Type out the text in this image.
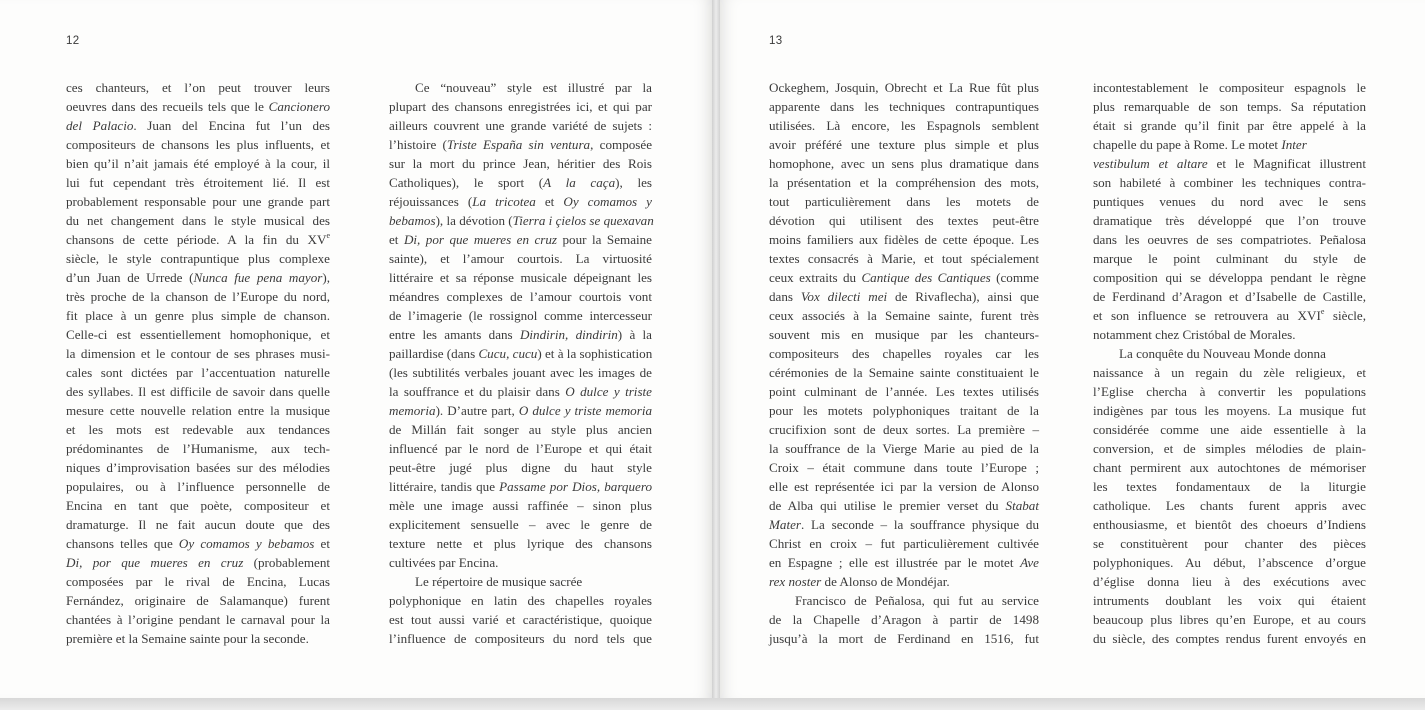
12

ces chanteurs, et l’on peut trouver leurs
oeuvres dans des recueils tels que le Cancionero
del Palacio. Juan del Encina fut l’un des
compositeurs de chansons les plus influents, et
bien qu’il n’ait jamais été employé à la cour, il
lui fut cependant très étroitement lié. Il est
probablement responsable pour une grande part
du net changement dans le style musical des
chansons de cette période. A la fin du XVe
siècle, le style contrapuntique plus complexe
d’un Juan de Urrede (Nunca fue pena mayor),
très proche de la chanson de l’Europe du nord,
fit place à un genre plus simple de chanson.
Celle-ci est essentiellement homophonique, et
la dimension et le contour de ses phrases musi-
cales sont dictées par l’accentuation naturelle
des syllabes. Il est difficile de savoir dans quelle
mesure cette nouvelle relation entre la musique
et les mots est redevable aux tendances
prédominantes de l’Humanisme, aux tech-
niques d’improvisation basées sur des mélodies
populaires, ou à l’influence personnelle de
Encina en tant que poète, compositeur et
dramaturge. Il ne fait aucun doute que des
chansons telles que Oy comamos y bebamos et
Di, por que mueres en cruz (probablement
composées par le rival de Encina, Lucas
Fernández, originaire de Salamanque) furent
chantées à l’origine pendant le carnaval pour la
première et la Semaine sainte pour la seconde.

Ce “nouveau” style est illustré par la
plupart des chansons enregistrées ici, et qui par
ailleurs couvrent une grande variété de sujets :
l’histoire (Triste España sin ventura, composée
sur la mort du prince Jean, héritier des Rois
Catholiques), le sport (A la caça), les
réjouissances (La tricotea et Oy comamos y
bebamos), la dévotion (Tierra i çielos se quexavan
et Di, por que mueres en cruz pour la Semaine
sainte), et l’amour courtois. La virtuosité
littéraire et sa réponse musicale dépeignant les
méandres complexes de l’amour courtois vont
de l’imagerie (le rossignol comme intercesseur
entre les amants dans Dindirin, dindirin) à la
paillardise (dans Cucu, cucu) et à la sophistication
(les subtilités verbales jouant avec les images de
la souffrance et du plaisir dans O dulce y triste
memoria). D’autre part, O dulce y triste memoria
de Millán fait songer au style plus ancien
influencé par le nord de l’Europe et qui était
peut-être jugé plus digne du haut style
littéraire, tandis que Passame por Dios, barquero
mèle une image aussi raffinée – sinon plus
explicitement sensuelle – avec le genre de
texture nette et plus lyrique des chansons
cultivées par Encina.

Le répertoire de musique sacrée
polyphonique en latin des chapelles royales
est tout aussi varié et caractéristique, quoique
l’influence de compositeurs du nord tels que

13

Ockeghem, Josquin, Obrecht et La Rue fût plus
apparente dans les techniques contrapuntiques
utilisées. Là encore, les Espagnols semblent
avoir préféré une texture plus simple et plus
homophone, avec un sens plus dramatique dans
la présentation et la compréhension des mots,
tout particulièrement dans les motets de
dévotion qui utilisent des textes peut-être
moins familiers aux fidèles de cette époque. Les
textes consacrés à Marie, et tout spécialement
ceux extraits du Cantique des Cantiques (comme
dans Vox dilecti mei de Rivaflecha), ainsi que
ceux associés à la Semaine sainte, furent très
souvent mis en musique par les chanteurs-
compositeurs des chapelles royales car les
cérémonies de la Semaine sainte constituaient le
point culminant de l’année. Les textes utilisés
pour les motets polyphoniques traitant de la
crucifixion sont de deux sortes. La première –
la souffrance de la Vierge Marie au pied de la
Croix – était commune dans toute l’Europe ;
elle est représentée ici par la version de Alonso
de Alba qui utilise le premier verset du Stabat
Mater. La seconde – la souffrance physique du
Christ en croix – fut particulièrement cultivée
en Espagne ; elle est illustrée par le motet Ave
rex noster de Alonso de Mondéjar.

Francisco de Peñalosa, qui fut au service
de la Chapelle d’Aragon à partir de 1498
jusqu’à la mort de Ferdinand en 1516, fut

incontestablement le compositeur espagnols le
plus remarquable de son temps. Sa réputation
était si grande qu’il finit par être appelé à la
chapelle du pape à Rome. Le motet Inter
vestibulum et altare et le Magnificat illustrent
son habileté à combiner les techniques contra-
puntiques venues du nord avec le sens
dramatique très développé que l’on trouve
dans les oeuvres de ses compatriotes. Peñalosa
marque le point culminant du style de
composition qui se développa pendant le règne
de Ferdinand d’Aragon et d’Isabelle de Castille,
et son influence se retrouvera au XVIe siècle,
notamment chez Cristóbal de Morales.

La conquête du Nouveau Monde donna
naissance à un regain du zèle religieux, et
l’Eglise chercha à convertir les populations
indigènes par tous les moyens. La musique fut
considérée comme une aide essentielle à la
conversion, et de simples mélodies de plain-
chant permirent aux autochtones de mémoriser
les textes fondamentaux de la liturgie
catholique. Les chants furent appris avec
enthousiasme, et bientôt des choeurs d’Indiens
se constituèrent pour chanter des pièces
polyphoniques. Au début, l’abscence d’orgue
d’église donna lieu à des exécutions avec
intruments doublant les voix qui étaient
beaucoup plus libres qu’en Europe, et au cours
du siècle, des comptes rendus furent envoyés en
